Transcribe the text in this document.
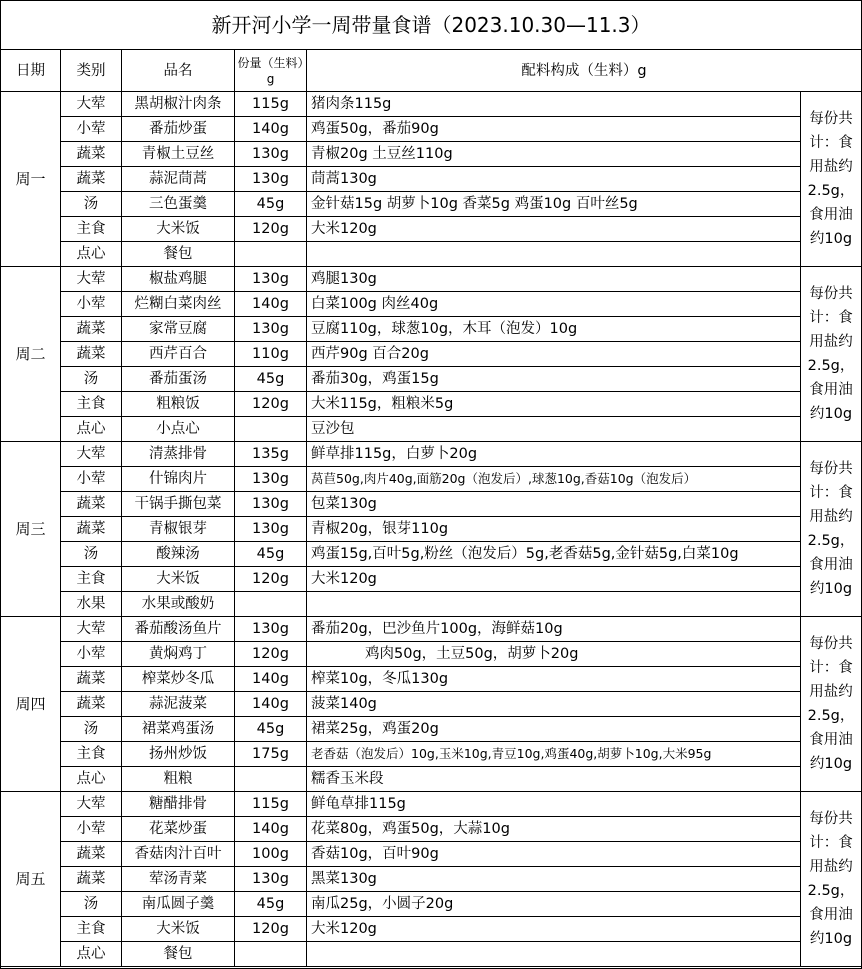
新开河小学一周带量食谱（2023.10.30—11.3）
日期	类别	品名	份量（生料）g	配料构成（生料）g	
周一	大荤	黑胡椒汁肉条	115g	猪肉条115g	每份共计：食用盐约2.5g，食用油约10g
	小荤	番茄炒蛋	140g	鸡蛋50g，番茄90g	
	蔬菜	青椒土豆丝	130g	青椒20g 土豆丝110g	
	蔬菜	蒜泥茼蒿	130g	茼蒿130g	
	汤	三色蛋羹	45g	金针菇15g 胡萝卜10g 香菜5g 鸡蛋10g 百叶丝5g	
	主食	大米饭	120g	大米120g	
	点心	餐包			
周二	大荤	椒盐鸡腿	130g	鸡腿130g	每份共计：食用盐约2.5g，食用油约10g
	小荤	烂糊白菜肉丝	140g	白菜100g 肉丝40g	
	蔬菜	家常豆腐	130g	豆腐110g，球葱10g，木耳（泡发）10g	
	蔬菜	西芹百合	110g	西芹90g 百合20g	
	汤	番茄蛋汤	45g	番茄30g，鸡蛋15g	
	主食	粗粮饭	120g	大米115g，粗粮米5g	
	点心	小点心		豆沙包	
周三	大荤	清蒸排骨	135g	鲜草排115g，白萝卜20g	每份共计：食用盐约2.5g，食用油约10g
	小荤	什锦肉片	130g	莴苣50g,肉片40g,面筋20g（泡发后）,球葱10g,香菇10g（泡发后）	
	蔬菜	干锅手撕包菜	130g	包菜130g	
	蔬菜	青椒银芽	130g	青椒20g，银芽110g	
	汤	酸辣汤	45g	鸡蛋15g,百叶5g,粉丝（泡发后）5g,老香菇5g,金针菇5g,白菜10g	
	主食	大米饭	120g	大米120g	
	水果	水果或酸奶			
周四	大荤	番茄酸汤鱼片	130g	番茄20g，巴沙鱼片100g，海鲜菇10g	每份共计：食用盐约2.5g，食用油约10g
	小荤	黄焖鸡丁	120g	鸡肉50g，土豆50g，胡萝卜20g	
	蔬菜	榨菜炒冬瓜	140g	榨菜10g，冬瓜130g	
	蔬菜	蒜泥菠菜	140g	菠菜140g	
	汤	裙菜鸡蛋汤	45g	裙菜25g，鸡蛋20g	
	主食	扬州炒饭	175g	老香菇（泡发后）10g,玉米10g,青豆10g,鸡蛋40g,胡萝卜10g,大米95g	
	点心	粗粮		糯香玉米段	
周五	大荤	糖醋排骨	115g	鲜龟草排115g	每份共计：食用盐约2.5g，食用油约10g
	小荤	花菜炒蛋	140g	花菜80g，鸡蛋50g，大蒜10g	
	蔬菜	香菇肉汁百叶	100g	香菇10g，百叶90g	
	蔬菜	荤汤青菜	130g	黑菜130g	
	汤	南瓜圆子羹	45g	南瓜25g，小圆子20g	
	主食	大米饭	120g	大米120g	
	点心	餐包			
